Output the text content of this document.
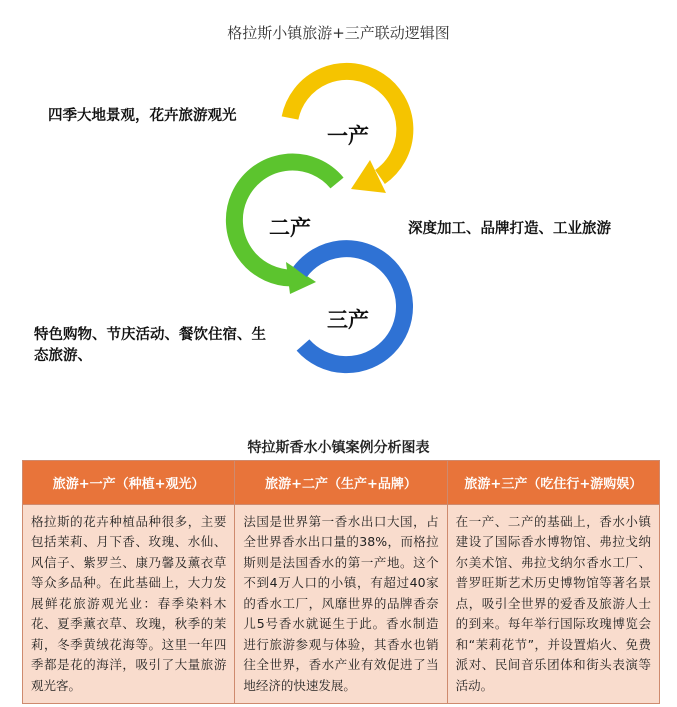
格拉斯小镇旅游+三产联动逻辑图
一产
二产
三产
四季大地景观，花卉旅游观光
深度加工、品牌打造、工业旅游
特色购物、节庆活动、餐饮住宿、生态旅游、
特拉斯香水小镇案例分析图表
旅游+一产（种植+观光）
格拉斯的花卉种植品种很多，主要包括茉莉、月下香、玫瑰、水仙、风信子、紫罗兰、康乃馨及薰衣草等众多品种。在此基础上，大力发展鲜花旅游观光业：春季染料木花、夏季薰衣草、玫瑰，秋季的茉莉，冬季黄绒花海等。这里一年四季都是花的海洋，吸引了大量旅游观光客。
旅游+二产（生产+品牌）
法国是世界第一香水出口大国，占全世界香水出口量的38%，而格拉斯则是法国香水的第一产地。这个不到4万人口的小镇，有超过40家的香水工厂，风靡世界的品牌香奈儿5号香水就诞生于此。香水制造进行旅游参观与体验，其香水也销往全世界，香水产业有效促进了当地经济的快速发展。
旅游+三产（吃住行+游购娱）
在一产、二产的基础上，香水小镇建设了国际香水博物馆、弗拉戈纳尔美术馆、弗拉戈纳尔香水工厂、普罗旺斯艺术历史博物馆等著名景点，吸引全世界的爱香及旅游人士的到来。每年举行国际玫瑰博览会和“茉莉花节”，并设置焰火、免费派对、民间音乐团体和街头表演等活动。
